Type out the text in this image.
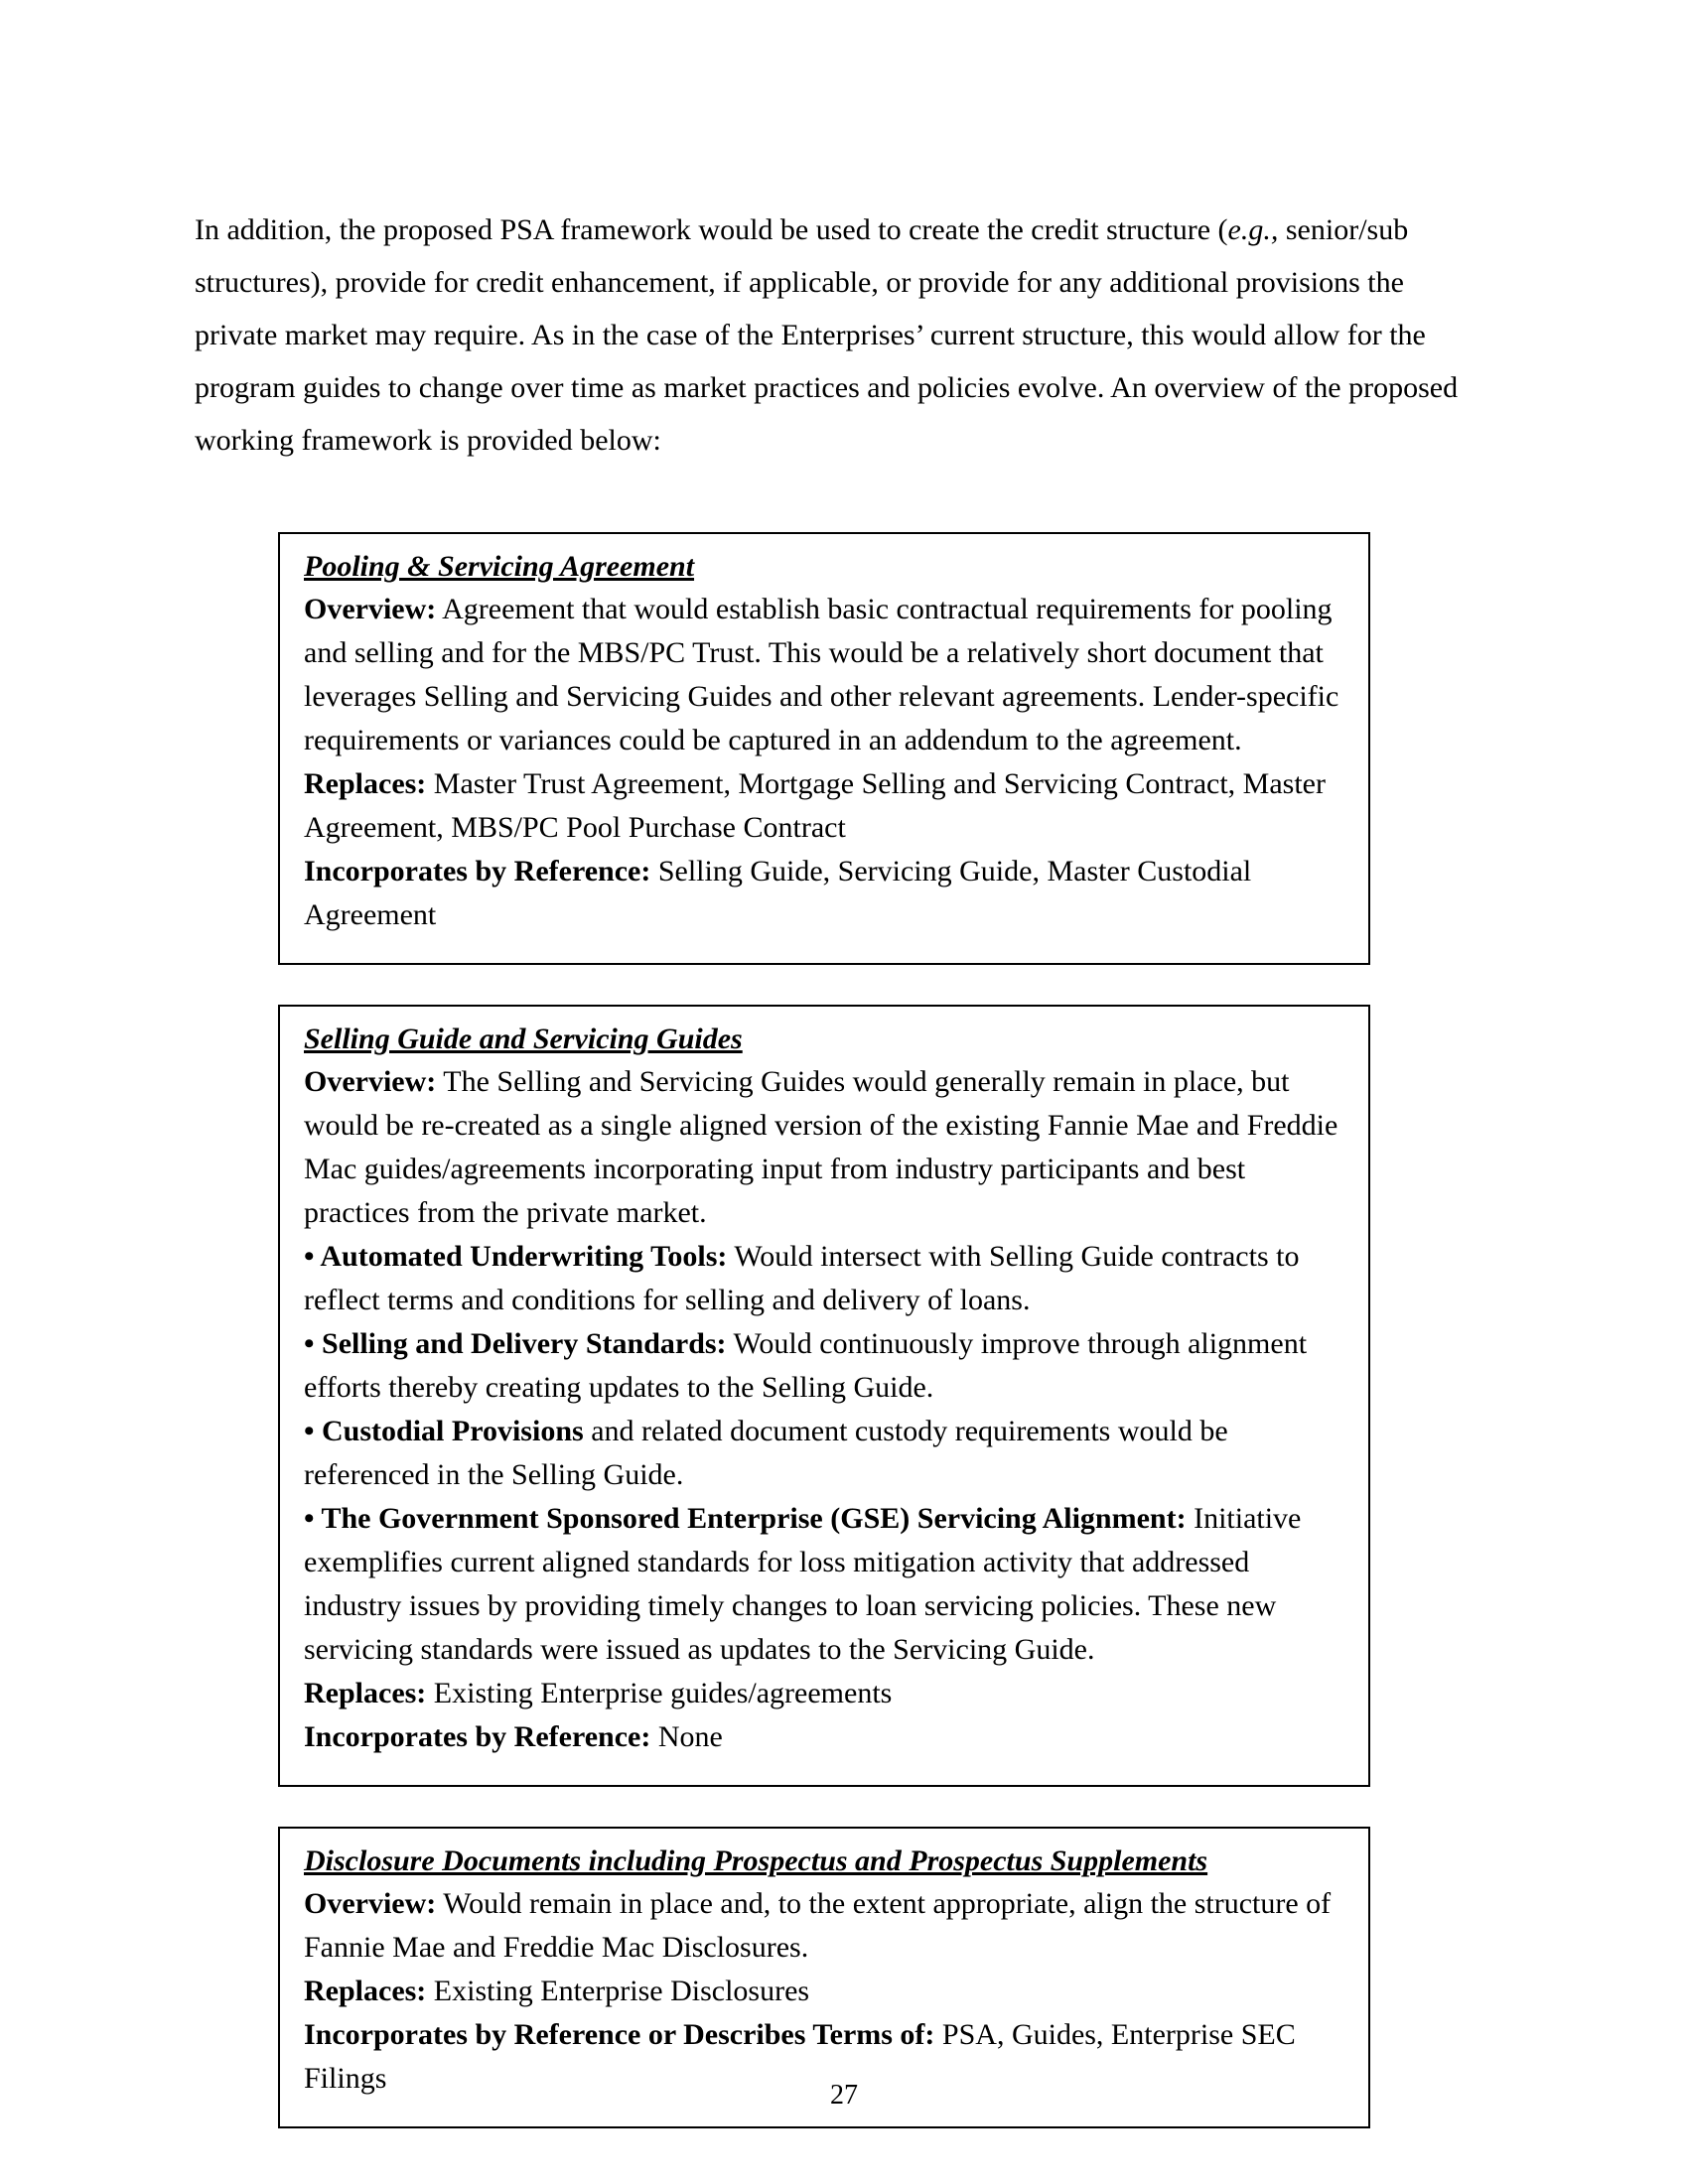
In addition, the proposed PSA framework would be used to create the credit structure (e.g., senior/sub structures), provide for credit enhancement, if applicable, or provide for any additional provisions the private market may require. As in the case of the Enterprises’ current structure, this would allow for the program guides to change over time as market practices and policies evolve. An overview of the proposed working framework is provided below:

Pooling & Servicing Agreement

Overview: Agreement that would establish basic contractual requirements for pooling and selling and for the MBS/PC Trust. This would be a relatively short document that leverages Selling and Servicing Guides and other relevant agreements. Lender-specific requirements or variances could be captured in an addendum to the agreement.

Replaces: Master Trust Agreement, Mortgage Selling and Servicing Contract, Master Agreement, MBS/PC Pool Purchase Contract

Incorporates by Reference: Selling Guide, Servicing Guide, Master Custodial Agreement

Selling Guide and Servicing Guides

Overview: The Selling and Servicing Guides would generally remain in place, but would be re-created as a single aligned version of the existing Fannie Mae and Freddie Mac guides/agreements incorporating input from industry participants and best practices from the private market.

• Automated Underwriting Tools: Would intersect with Selling Guide contracts to reflect terms and conditions for selling and delivery of loans.

• Selling and Delivery Standards: Would continuously improve through alignment efforts thereby creating updates to the Selling Guide.

• Custodial Provisions and related document custody requirements would be referenced in the Selling Guide.

• The Government Sponsored Enterprise (GSE) Servicing Alignment: Initiative exemplifies current aligned standards for loss mitigation activity that addressed industry issues by providing timely changes to loan servicing policies. These new servicing standards were issued as updates to the Servicing Guide.

Replaces: Existing Enterprise guides/agreements

Incorporates by Reference: None

Disclosure Documents including Prospectus and Prospectus Supplements

Overview: Would remain in place and, to the extent appropriate, align the structure of Fannie Mae and Freddie Mac Disclosures.

Replaces: Existing Enterprise Disclosures

Incorporates by Reference or Describes Terms of: PSA, Guides, Enterprise SEC Filings

27
